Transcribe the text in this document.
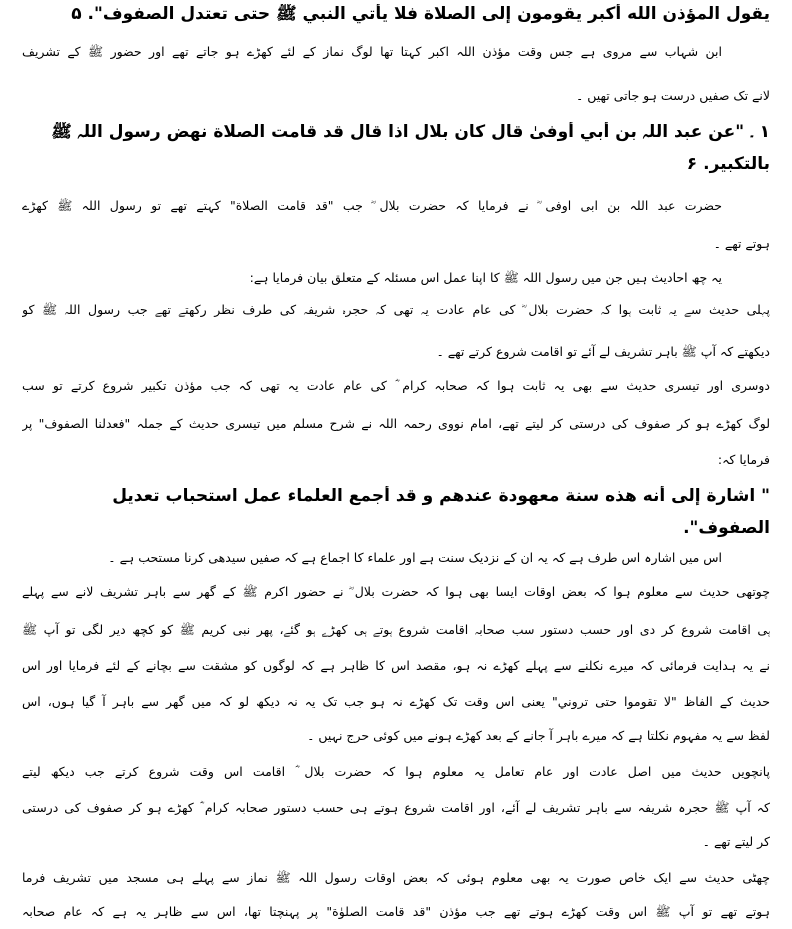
يقول المؤذن الله أكبر يقومون إلى الصلاة فلا يأتي النبي ﷺ حتى تعتدل الصفوف". ۵
ابن شہاب سے مروی ہے جس وقت مؤذن اللہ اکبر کہتا تھا لوگ نماز کے لئے کھڑے ہو جاتے تھے اور حضور ﷺ کے تشریف
لانے تک صفیں درست ہو جاتی تھیں ۔
۱ ۔ "عن عبد اللہ بن أبي أوفیٰ قال كان بلال اذا قال قد قامت الصلاة نهض رسول اللہ ﷺ
بالتكبير. ۶
حضرت عبد اللہ بن ابی اوفی ؓ نے فرمایا کہ حضرت بلال ؓ جب "قد قامت الصلاة" کہتے تھے تو رسول اللہ ﷺ کھڑے
ہوتے تھے ۔
یہ چھ احادیث ہیں جن میں رسول اللہ ﷺ کا اپنا عمل اس مسئلہ کے متعلق بیان فرمایا ہے:
پہلی حدیث سے یہ ثابت ہوا کہ حضرت بلال ؓ کی عام عادت یہ تھی کہ حجرہ شریفہ کی طرف نظر رکھتے تھے جب رسول اللہ ﷺ کو
دیکھتے کہ آپ ﷺ باہر تشریف لے آئے تو اقامت شروع کرتے تھے ۔
دوسری اور تیسری حدیث سے بھی یہ ثابت ہوا کہ صحابہ کرام ؓ کی عام عادت یہ تھی کہ جب مؤذن تکبیر شروع کرتے تو سب
لوگ کھڑے ہو کر صفوف کی درستی کر لیتے تھے، امام نووی رحمہ اللہ نے شرح مسلم میں تیسری حدیث کے جملہ "فعدلنا الصفوف" پر
فرمایا کہ:
" اشارة إلى أنه هذه سنة معهودة عندهم و قد أجمع العلماء عمل استحباب تعديل
الصفوف".
اس میں اشارہ اس طرف ہے کہ یہ ان کے نزدیک سنت ہے اور علماء کا اجماع ہے کہ صفیں سیدھی کرنا مستحب ہے ۔
چوتھی حدیث سے معلوم ہوا کہ بعض اوقات ایسا بھی ہوا کہ حضرت بلال ؓ نے حضور اکرم ﷺ کے گھر سے باہر تشریف لانے سے پہلے
ہی اقامت شروع کر دی اور حسب دستور سب صحابہ اقامت شروع ہوتے ہی کھڑے ہو گئے، پھر نبی کریم ﷺ کو کچھ دیر لگی تو آپ ﷺ
نے یہ ہدایت فرمائی کہ میرے نکلنے سے پہلے کھڑے نہ ہو، مقصد اس کا ظاہر ہے کہ لوگوں کو مشقت سے بچانے کے لئے فرمایا اور اس
حدیث کے الفاظ "لا تقوموا حتى تروني" یعنی اس وقت تک کھڑے نہ ہو جب تک یہ نہ دیکھ لو کہ میں گھر سے باہر آ گیا ہوں، اس
لفظ سے یہ مفہوم نکلتا ہے کہ میرے باہر آ جانے کے بعد کھڑے ہونے میں کوئی حرج نہیں ۔
پانچویں حدیث میں اصل عادت اور عام تعامل یہ معلوم ہوا کہ حضرت بلال ؓ اقامت اس وقت شروع کرتے جب دیکھ لیتے
کہ آپ ﷺ حجرہ شریفہ سے باہر تشریف لے آئے، اور اقامت شروع ہوتے ہی حسب دستور صحابہ کرام ؓ کھڑے ہو کر صفوف کی درستی
کر لیتے تھے ۔
چھٹی حدیث سے ایک خاص صورت یہ بھی معلوم ہوئی کہ بعض اوقات رسول اللہ ﷺ نماز سے پہلے ہی مسجد میں تشریف فرما
ہوتے تھے تو آپ ﷺ اس وقت کھڑے ہوتے تھے جب مؤذن "قد قامت الصلوٰة" پر پہنچتا تھا، اس سے ظاہر یہ ہے کہ عام صحابہ
